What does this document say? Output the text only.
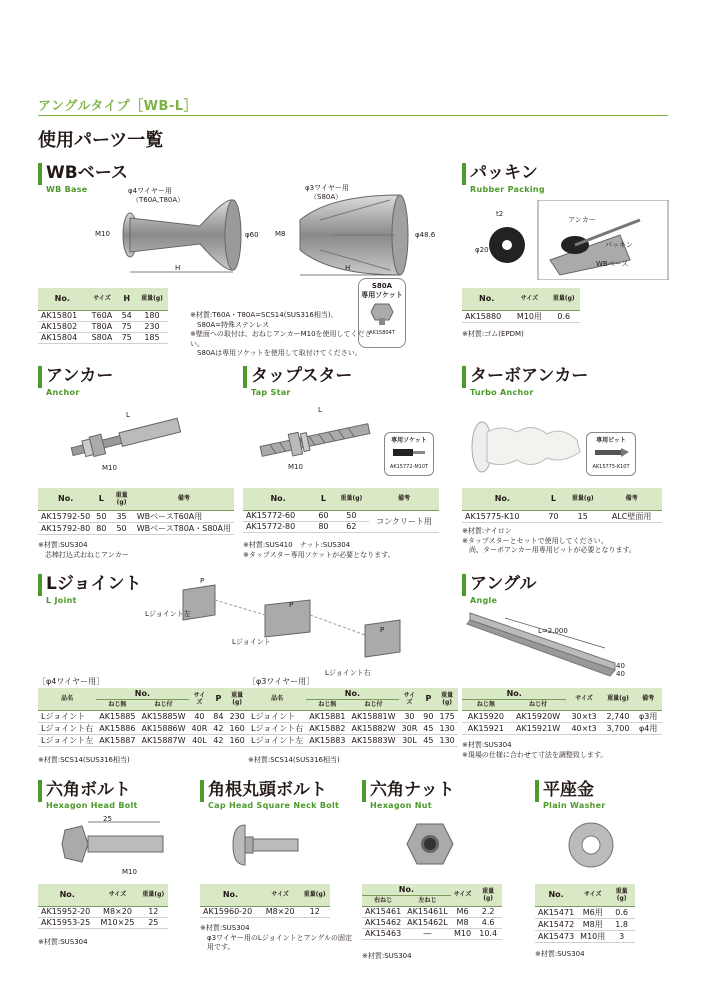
アングルタイプ［WB-L］
使用パーツ一覧
WBベース
WB Base	φ4ワイヤー用
（T60A,T80A）
M10
H
φ60
φ3ワイヤー用
（S80A）
M8
H
φ48.6
No.	サイズ	H	重量(g)
AK15801	T60A	54	180
AK15802	T80A	75	230
AK15804	S80A	75	185
※材質:T60A・T80A=SCS14(SUS316相当)、
　S80A=特殊ステンレス
※壁面への取付は、おねじアンカーM10を使用してください。
　S80Aは専用ソケットを使用して取付けてください。
S80A
専用ソケット
AK15804T
パッキン
Rubber Packing
t2
φ20
アンカー
パッキン
WBベース
No.	サイズ	重量(g)
AK15880	M10用	0.6
※材質:ゴム(EPDM)
アンカー
Anchor
L
M10
No.	L	重量(g)	備考
AK15792-50	50	35	WBベースT60A用
AK15792-80	80	50	WBベースT80A・S80A用
※材質:SUS304
　芯棒打込式おねじアンカー
タップスター
Tap Star
L
M10
専用ソケット
AK15772-M10T
No.	L	重量(g)	備考
AK15772-60	60	50	コンクリート用
AK15772-80	80	62	
※材質:SUS410　ナット:SUS304
※タップスター専用ソケットが必要となります。
ターボアンカー
Turbo Anchor
専用ビット
AK15775-K10T
No.	L	重量(g)	備考
AK15775-K10	70	15	ALC壁面用
※材質:ナイロン
※タップスターとセットで使用してください。
　尚、ターボアンカー用専用ビットが必要となります。
Lジョイント
L Joint
P
P
P
Lジョイント左
Lジョイント
Lジョイント右
［φ4ワイヤー用］
品名	No.		サイズ	P	重量(g)
	ねじ無	ねじ付			
Lジョイント	AK15885	AK15885W	40	84	230
Lジョイント右	AK15886	AK15886W	40R	42	160
Lジョイント左	AK15887	AK15887W	40L	42	160
※材質:SCS14(SUS316相当)
［φ3ワイヤー用］
品名	No.		サイズ	P	重量(g)
	ねじ無	ねじ付			
Lジョイント	AK15881	AK15881W	30	90	175
Lジョイント右	AK15882	AK15882W	30R	45	130
Lジョイント左	AK15883	AK15883W	30L	45	130
※材質:SCS14(SUS316相当)
アングル
Angle
L=2,000
40
40
No.		サイズ	重量(g)	備考
ねじ無	ねじ付			
AK15920	AK15920W	30×t3	2,740	φ3用
AK15921	AK15921W	40×t3	3,700	φ4用
※材質:SUS304
※現場の仕様に合わせて寸法を調整致します。
六角ボルト
Hexagon Head Bolt
25
M10
No.	サイズ	重量(g)
AK15952-20	M8×20	12
AK15953-25	M10×25	25
※材質:SUS304
角根丸頭ボルト
Cap Head Square Neck Bolt
No.	サイズ	重量(g)
AK15960-20	M8×20	12
※材質:SUS304
　φ3ワイヤー用のLジョイントとアングルの固定
　用です。
六角ナット
Hexagon Nut
No.		サイズ	重量(g)
右ねじ	左ねじ		
AK15461	AK15461L	M6	2.2
AK15462	AK15462L	M8	4.6
AK15463	―	M10	10.4
※材質:SUS304
平座金
Plain Washer
No.	サイズ	重量(g)
AK15471	M6用	0.6
AK15472	M8用	1.8
AK15473	M10用	3
※材質:SUS304
